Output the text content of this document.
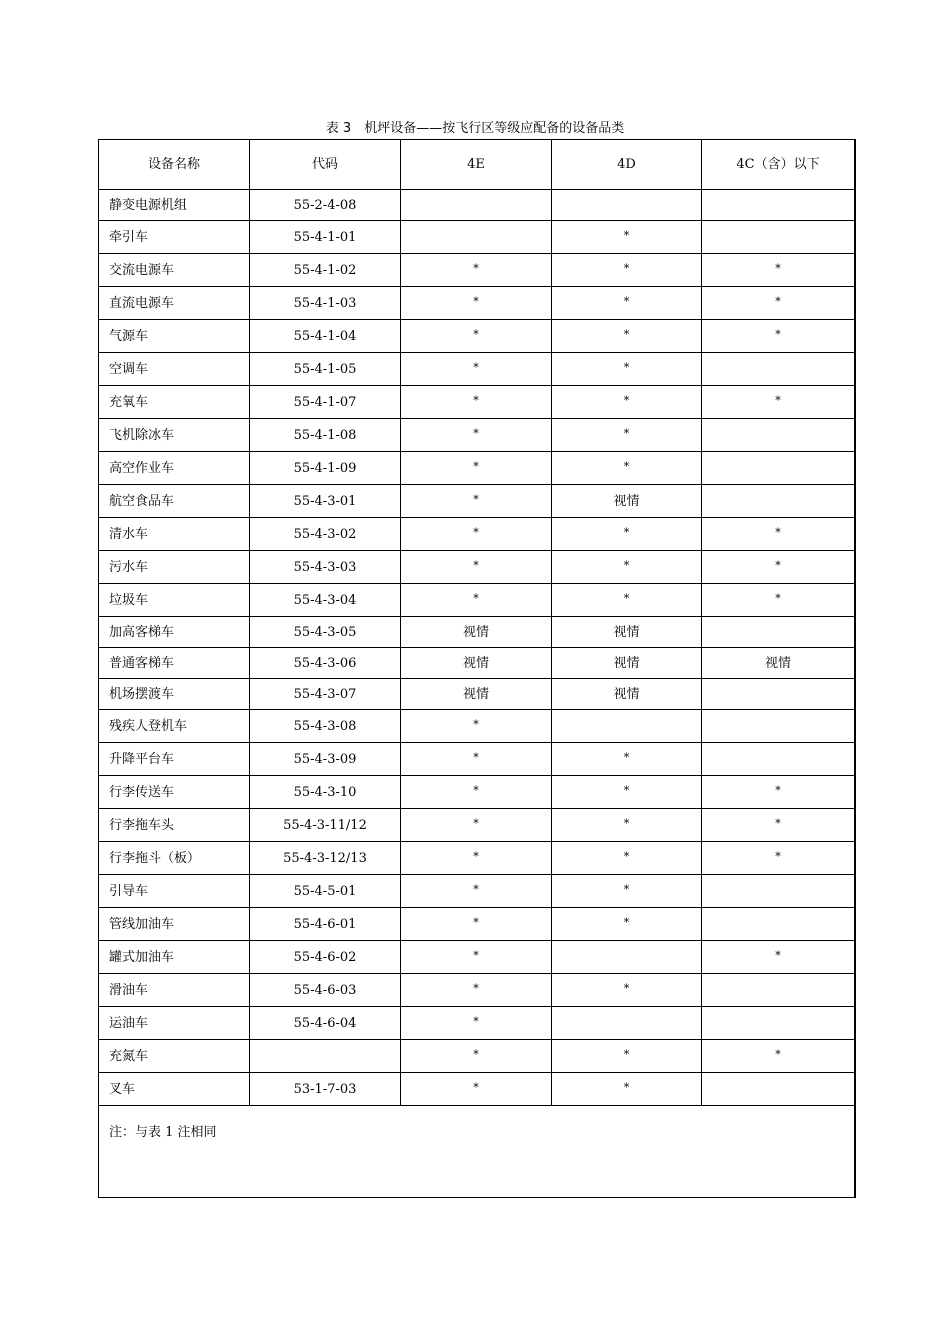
表 3　机坪设备——按飞行区等级应配备的设备品类
设备名称	代码	4E	4D	4C（含）以下
静变电源机组	55-2-4-08			
牵引车	55-4-1-01		*	
交流电源车	55-4-1-02	*	*	*
直流电源车	55-4-1-03	*	*	*
气源车	55-4-1-04	*	*	*
空调车	55-4-1-05	*	*	
充氧车	55-4-1-07	*	*	*
飞机除冰车	55-4-1-08	*	*	
高空作业车	55-4-1-09	*	*	
航空食品车	55-4-3-01	*	视情	
清水车	55-4-3-02	*	*	*
污水车	55-4-3-03	*	*	*
垃圾车	55-4-3-04	*	*	*
加高客梯车	55-4-3-05	视情	视情	
普通客梯车	55-4-3-06	视情	视情	视情
机场摆渡车	55-4-3-07	视情	视情	
残疾人登机车	55-4-3-08	*		
升降平台车	55-4-3-09	*	*	
行李传送车	55-4-3-10	*	*	*
行李拖车头	55-4-3-11/12	*	*	*
行李拖斗（板）	55-4-3-12/13	*	*	*
引导车	55-4-5-01	*	*	
管线加油车	55-4-6-01	*	*	
罐式加油车	55-4-6-02	*		*
滑油车	55-4-6-03	*	*	
运油车	55-4-6-04	*		
充氮车		*	*	*
叉车	53-1-7-03	*	*	
注：与表 1 注相同				
